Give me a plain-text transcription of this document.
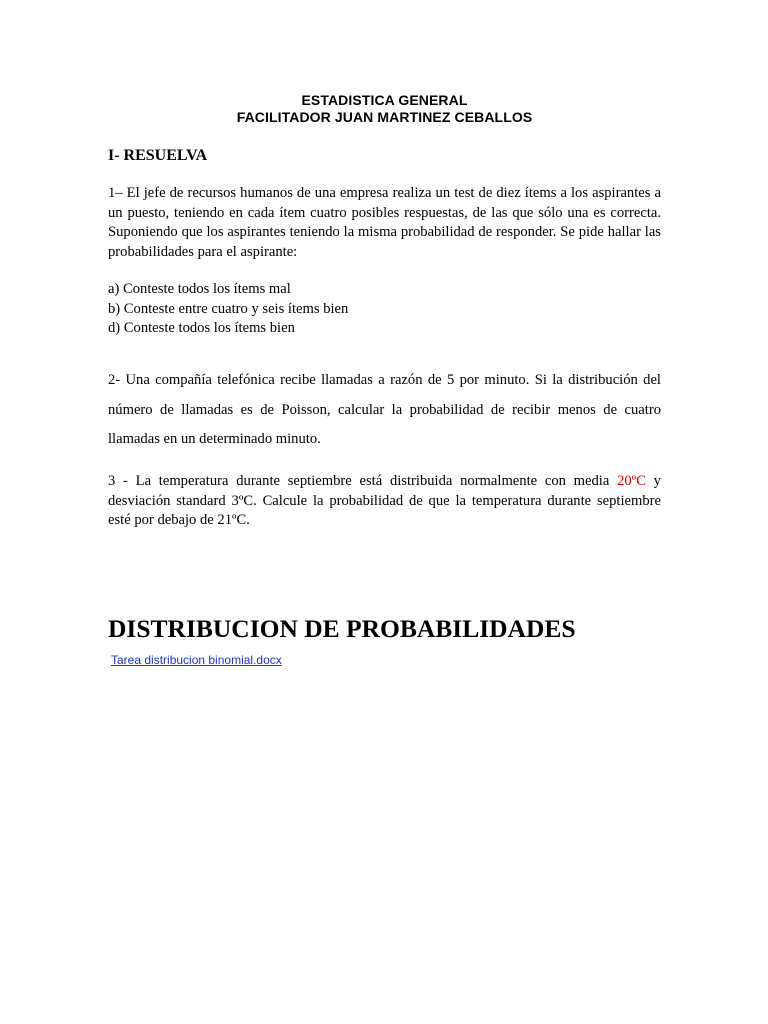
ESTADISTICA GENERAL

FACILITADOR JUAN MARTINEZ CEBALLOS

I- RESUELVA

1– El jefe de recursos humanos de una empresa realiza un test de diez ítems a los aspirantes a un puesto, teniendo en cada ítem cuatro posibles respuestas, de las que sólo una es correcta. Suponiendo que los aspirantes teniendo la misma probabilidad de responder. Se pide hallar las probabilidades para el aspirante:

a) Conteste todos los ítems mal
b) Conteste entre cuatro y seis ítems bien
d) Conteste todos los ítems bien

2- Una compañía telefónica recibe llamadas a razón de 5 por minuto. Si la distribución del número de llamadas es de Poisson, calcular la probabilidad de recibir menos de cuatro llamadas en un determinado minuto.

3 - La temperatura durante septiembre está distribuida normalmente con media 20ºC y desviación standard 3ºC. Calcule la probabilidad de que la temperatura durante septiembre esté por debajo de 21ºC.

DISTRIBUCION DE PROBABILIDADES
Tarea distribucion binomial.docx
